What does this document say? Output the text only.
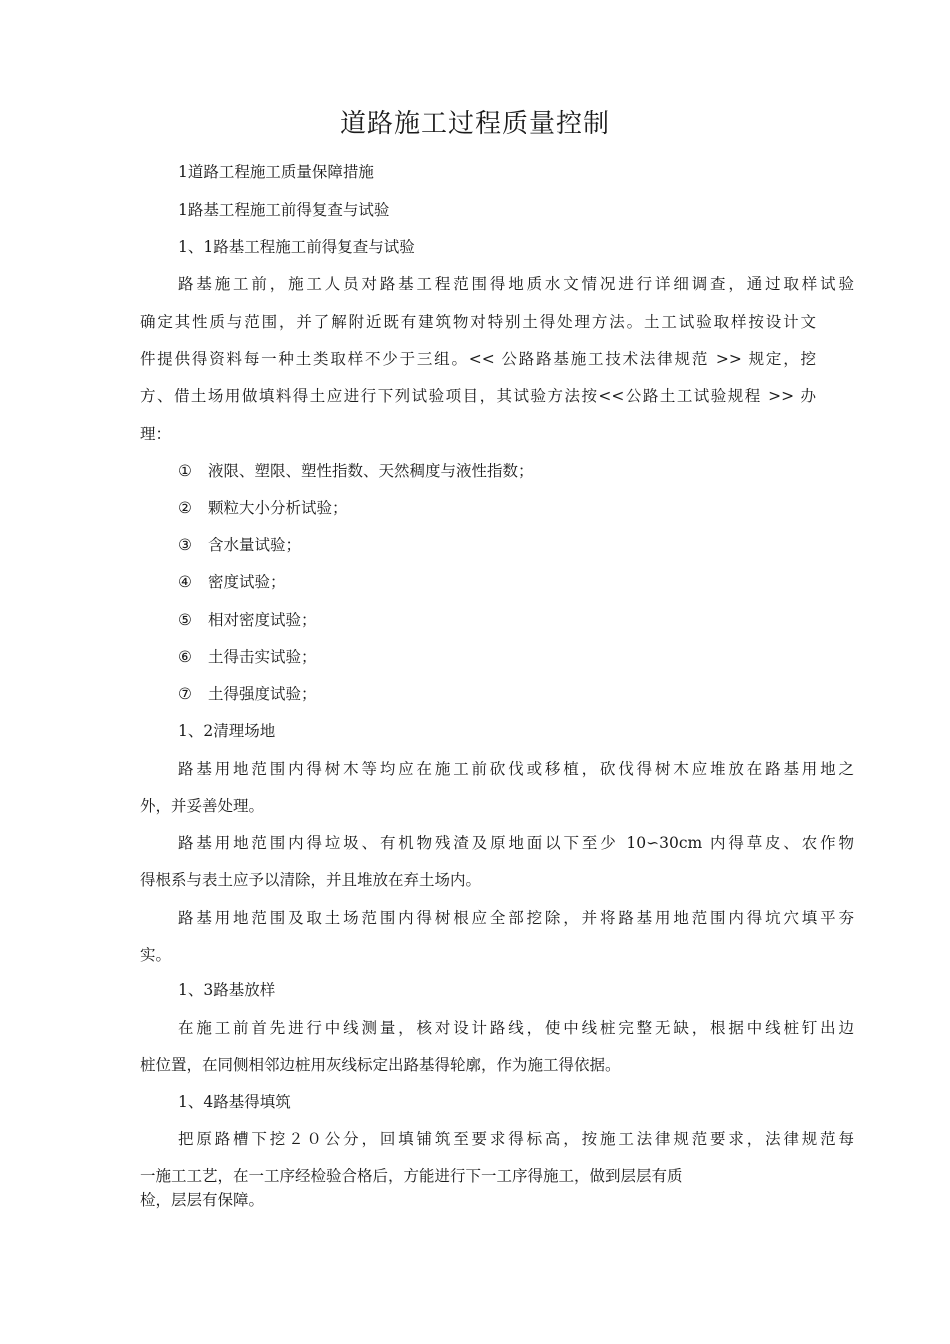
道路施工过程质量控制
1道路工程施工质量保障措施
1路基工程施工前得复查与试验
1、1路基工程施工前得复查与试验
路基施工前，施工人员对路基工程范围得地质水文情况进行详细调查，通过取样试验
确定其性质与范围，并了解附近既有建筑物对特别土得处理方法。土工试验取样按设计文
件提供得资料每一种土类取样不少于三组。<< 公路路基施工技术法律规范 >> 规定，挖
方、借土场用做填料得土应进行下列试验项目，其试验方法按<<公路土工试验规程 >> 办
理：
① 液限、塑限、塑性指数、天然稠度与液性指数；
② 颗粒大小分析试验；
③ 含水量试验；
④ 密度试验；
⑤ 相对密度试验；
⑥ 土得击实试验；
⑦ 土得强度试验；
1、2清理场地
路基用地范围内得树木等均应在施工前砍伐或移植，砍伐得树木应堆放在路基用地之
外，并妥善处理。
路基用地范围内得垃圾、有机物残渣及原地面以下至少 10∽30cm 内得草皮、农作物
得根系与表土应予以清除，并且堆放在弃土场内。
路基用地范围及取土场范围内得树根应全部挖除，并将路基用地范围内得坑穴填平夯
实。
1、3路基放样
在施工前首先进行中线测量，核对设计路线，使中线桩完整无缺，根据中线桩钉出边
桩位置，在同侧相邻边桩用灰线标定出路基得轮廓，作为施工得依据。
1、4路基得填筑
把原路槽下挖２０公分，回填铺筑至要求得标高，按施工法律规范要求，法律规范每
一施工工艺，在一工序经检验合格后，方能进行下一工序得施工，做到层层有质
检，层层有保障。
